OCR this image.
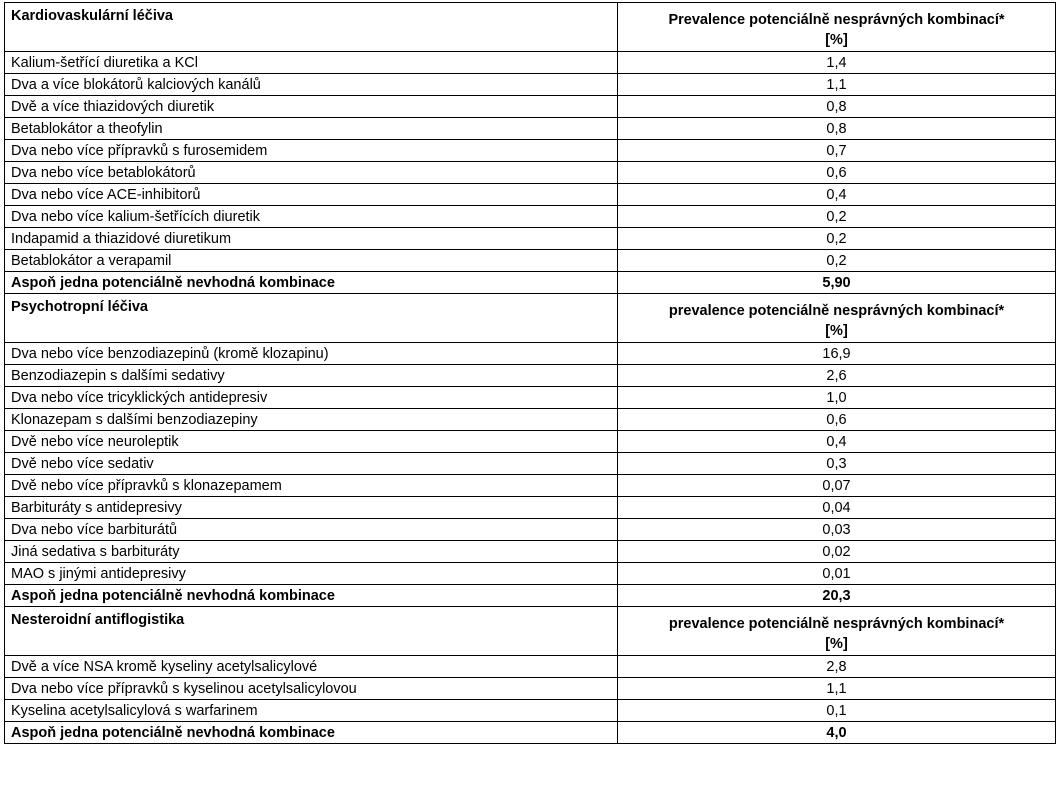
Kardiovaskulární léčiva	Prevalence potenciálně nesprávných kombinací*
[%]

Kalium-šetřící diuretika a KCl	1,4
Dva a více blokátorů kalciových kanálů	1,1
Dvě a více thiazidových diuretik	0,8
Betablokátor a theofylin	0,8
Dva nebo více přípravků s furosemidem	0,7
Dva nebo více betablokátorů	0,6
Dva nebo více ACE-inhibitorů	0,4
Dva nebo více kalium-šetřících diuretik	0,2
Indapamid a thiazidové diuretikum	0,2
Betablokátor a verapamil	0,2
Aspoň jedna potenciálně nevhodná kombinace	5,90
Psychotropní léčiva	prevalence potenciálně nesprávných kombinací*
[%]

Dva nebo více benzodiazepinů (kromě klozapinu)	16,9
Benzodiazepin s dalšími sedativy	2,6
Dva nebo více tricyklických antidepresiv	1,0
Klonazepam s dalšími benzodiazepiny	0,6
Dvě nebo více neuroleptik	0,4
Dvě nebo více sedativ	0,3
Dvě nebo více přípravků s klonazepamem	0,07
Barbituráty s antidepresivy	0,04
Dva nebo více barbiturátů	0,03
Jiná sedativa s barbituráty	0,02
MAO s jinými antidepresivy	0,01
Aspoň jedna potenciálně nevhodná kombinace	20,3
Nesteroidní antiflogistika	prevalence potenciálně nesprávných kombinací*
[%]

Dvě a více NSA kromě kyseliny acetylsalicylové	2,8
Dva nebo více přípravků s kyselinou acetylsalicylovou	1,1
Kyselina acetylsalicylová s warfarinem	0,1
Aspoň jedna potenciálně nevhodná kombinace	4,0
